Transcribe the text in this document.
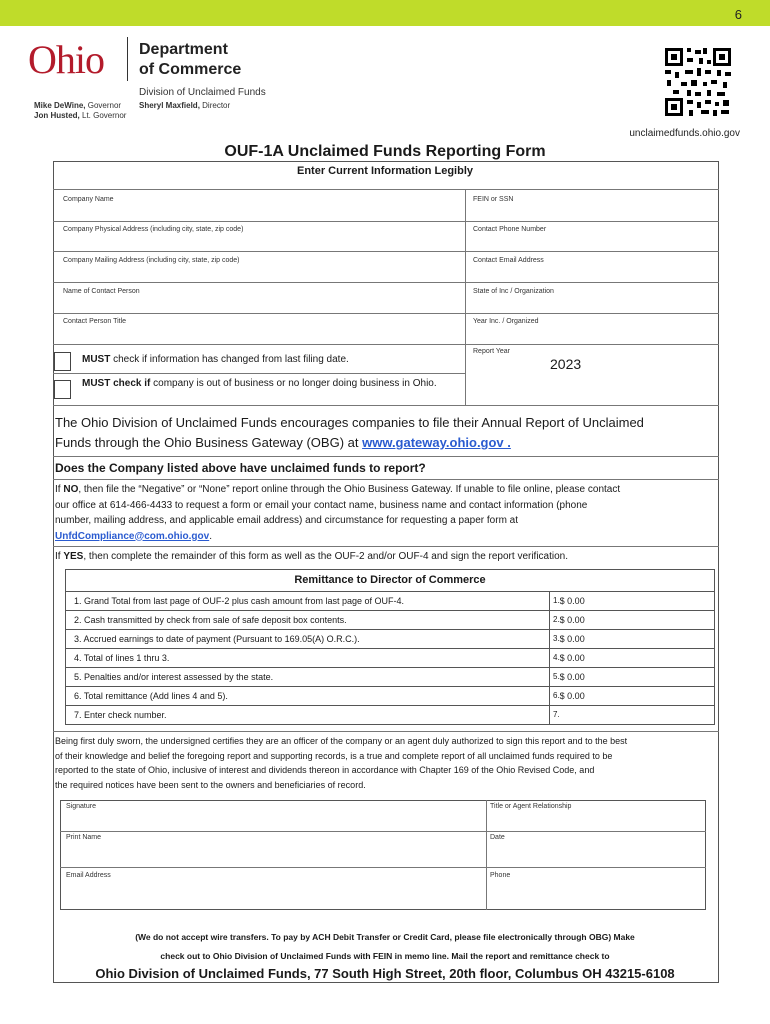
6
Ohio Department
of Commerce
Division of Unclaimed Funds
Mike DeWine, Governor
Jon Husted, Lt. Governor
Sheryl Maxfield, Director
unclaimedfunds.ohio.gov
OUF-1A Unclaimed Funds Reporting Form
Enter Current Information Legibly
Company Name	FEIN or SSN
Company Physical Address (including city, state, zip code)	Contact Phone Number
Company Mailing Address (including city, state, zip code)	Contact Email Address
Name of Contact Person	State of Inc / Organization
Contact Person Title	Year Inc. / Organized
Report Year
2023
MUST check if information has changed from last filing date.
MUST check if company is out of business or no longer doing business in Ohio.
The Ohio Division of Unclaimed Funds encourages companies to file their Annual Report of Unclaimed
Funds through the Ohio Business Gateway (OBG) at www.gateway.ohio.gov .
Does the Company listed above have unclaimed funds to report?
If NO, then file the “Negative” or “None” report online through the Ohio Business Gateway. If unable to file online, please contact
our office at 614-466-4433 to request a form or email your contact name, business name and contact information (phone
number, mailing address, and applicable email address) and circumstance for requesting a paper form at
UnfdCompliance@com.ohio.gov.
If YES, then complete the remainder of this form as well as the OUF-2 and/or OUF-4 and sign the report verification.
Remittance to Director of Commerce
1. Grand Total from last page of OUF-2 plus cash amount from last page of OUF-4.	1.$ 0.00
2. Cash transmitted by check from sale of safe deposit box contents.	2.$ 0.00
3. Accrued earnings to date of payment (Pursuant to 169.05(A) O.R.C.).	3.$ 0.00
4. Total of lines 1 thru 3.	4.$ 0.00
5. Penalties and/or interest assessed by the state.	5.$ 0.00
6. Total remittance (Add lines 4 and 5).	6.$ 0.00
7. Enter check number.	7.
Being first duly sworn, the undersigned certifies they are an officer of the company or an agent duly authorized to sign this report and to the best
of their knowledge and belief the foregoing report and supporting records, is a true and complete report of all unclaimed funds required to be
reported to the state of Ohio, inclusive of interest and dividends thereon in accordance with Chapter 169 of the Ohio Revised Code, and
the required notices have been sent to the owners and beneficiaries of record.
Signature	Title or Agent Relationship
Print Name	Date
Email Address	Phone
(We do not accept wire transfers. To pay by ACH Debit Transfer or Credit Card, please file electronically through OBG) Make
check out to Ohio Division of Unclaimed Funds with FEIN in memo line. Mail the report and remittance check to
Ohio Division of Unclaimed Funds, 77 South High Street, 20th floor, Columbus OH 43215-6108
